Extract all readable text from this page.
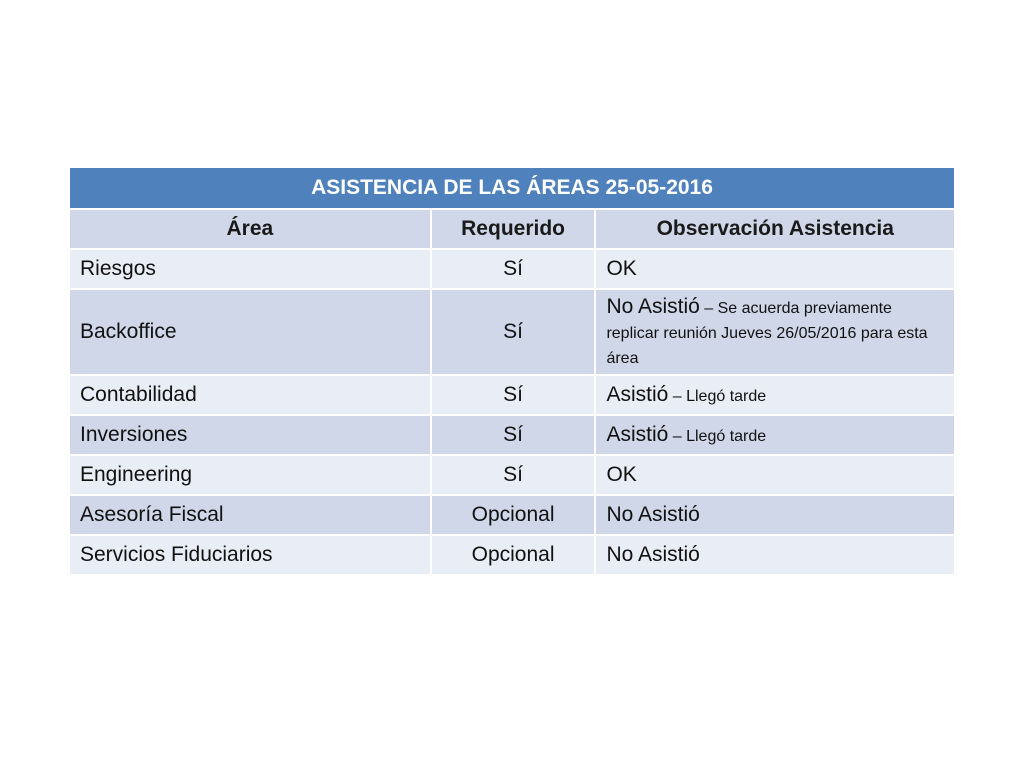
ASISTENCIA DE LAS ÁREAS 25-05-2016		
Área	Requerido	Observación Asistencia
Riesgos	Sí	OK
Backoffice	Sí	No Asistió – Se acuerda previamente replicar reunión Jueves 26/05/2016 para esta área
Contabilidad	Sí	Asistió – Llegó tarde
Inversiones	Sí	Asistió – Llegó tarde
Engineering	Sí	OK
Asesoría Fiscal	Opcional	No Asistió
Servicios Fiduciarios	Opcional	No Asistió
